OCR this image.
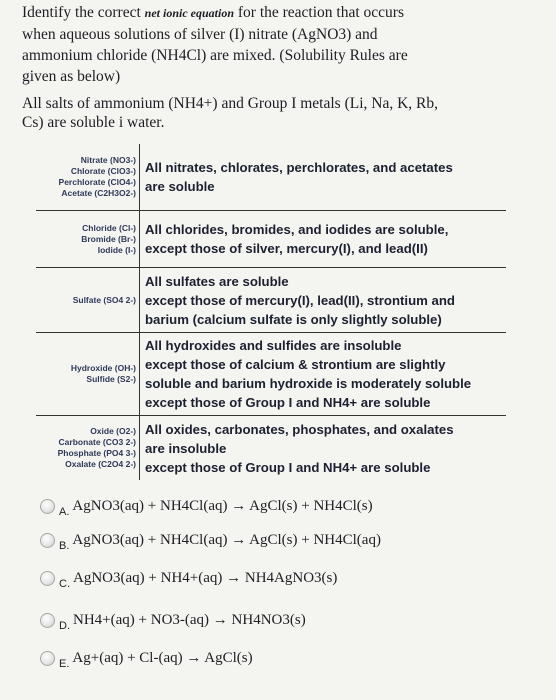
Identify the correct net ionic equation for the reaction that occurs
when aqueous solutions of silver (I) nitrate (AgNO3) and
ammonium chloride (NH4Cl) are mixed. (Solubility Rules are
given as below)
All salts of ammonium (NH4+) and Group I metals (Li, Na, K, Rb,
Cs) are soluble i water.
Nitrate (NO3-)
Chlorate (ClO3-)
Perchlorate (ClO4-)
Acetate (C2H3O2-)
All nitrates, chlorates, perchlorates, and acetates
are soluble
Chloride (Cl-)
Bromide (Br-)
Iodide (I-)
All chlorides, bromides, and iodides are soluble,
except those of silver, mercury(I), and lead(II)
Sulfate (SO4 2-)
All sulfates are soluble
except those of mercury(I), lead(II), strontium and
barium (calcium sulfate is only slightly soluble)
Hydroxide (OH-)
Sulfide (S2-)
All hydroxides and sulfides are insoluble
except those of calcium & strontium are slightly
soluble and barium hydroxide is moderately soluble
except those of Group I and NH4+ are soluble
Oxide (O2-)
Carbonate (CO3 2-)
Phosphate (PO4 3-)
Oxalate (C2O4 2-)
All oxides, carbonates, phosphates, and oxalates
are insoluble
except those of Group I and NH4+ are soluble
A. AgNO3(aq) + NH4Cl(aq) → AgCl(s) + NH4Cl(s)
B. AgNO3(aq) + NH4Cl(aq) → AgCl(s) + NH4Cl(aq)
C. AgNO3(aq) + NH4+(aq) → NH4AgNO3(s)
D. NH4+(aq) + NO3-(aq) → NH4NO3(s)
E. Ag+(aq) + Cl-(aq) → AgCl(s)
